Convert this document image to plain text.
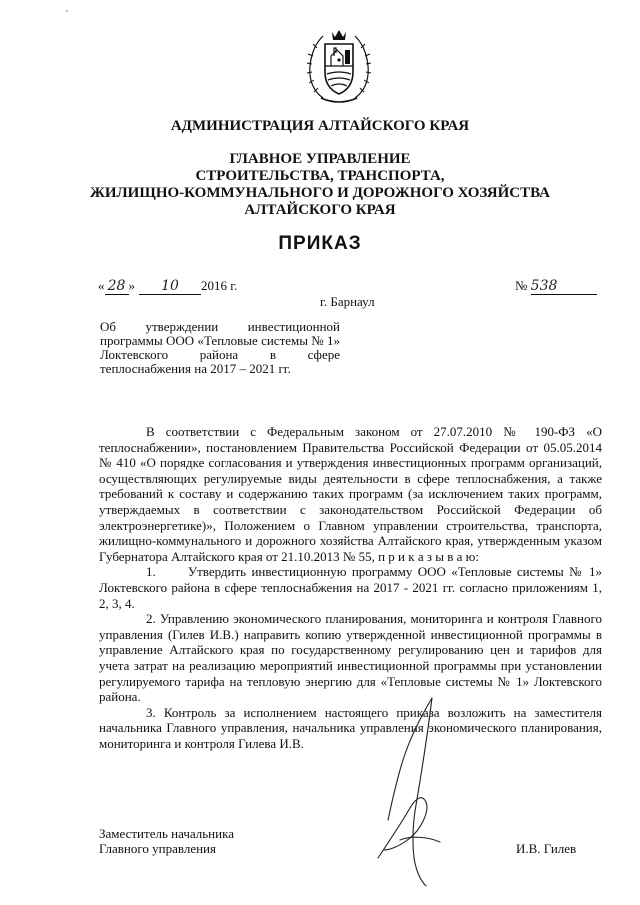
АДМИНИСТРАЦИЯ АЛТАЙСКОГО КРАЯ
ГЛАВНОЕ УПРАВЛЕНИЕ
СТРОИТЕЛЬСТВА, ТРАНСПОРТА,
ЖИЛИЩНО-КОММУНАЛЬНОГО И ДОРОЖНОГО ХОЗЯЙСТВА
АЛТАЙСКОГО КРАЯ
ПРИКАЗ
« 28 » 10 2016 г.	№ 538
г. Барнаул

Об утверждении инвестиционной программы ООО «Тепловые системы № 1» Локтевского района в сфере теплоснабжения на 2017 – 2021 гг.

В соответствии с Федеральным законом от 27.07.2010 № 190-ФЗ «О теплоснабжении», постановлением Правительства Российской Федерации от 05.05.2014 № 410 «О порядке согласования и утверждения инвестиционных программ организаций, осуществляющих регулируемые виды деятельности в сфере теплоснабжения, а также требований к составу и содержанию таких программ (за исключением таких программ, утверждаемых в соответствии с законодательством Российской Федерации об электроэнергетике)», Положением о Главном управлении строительства, транспорта, жилищно-коммунального и дорожного хозяйства Алтайского края, утвержденным указом Губернатора Алтайского края от 21.10.2013 № 55, п р и к а з ы в а ю:

1. Утвердить инвестиционную программу ООО «Тепловые системы № 1» Локтевского района в сфере теплоснабжения на 2017 - 2021 гг. согласно приложениям 1, 2, 3, 4.

2. Управлению экономического планирования, мониторинга и контроля Главного управления (Гилев И.В.) направить копию утвержденной инвестиционной программы в управление Алтайского края по государственному регулированию цен и тарифов для учета затрат на реализацию мероприятий инвестиционной программы при установлении регулируемого тарифа на тепловую энергию для «Тепловые системы № 1» Локтевского района.

3. Контроль за исполнением настоящего приказа возложить на заместителя начальника Главного управления, начальника управления экономического планирования, мониторинга и контроля Гилева И.В.

Заместитель начальника
Главного управления	И.В. Гилев
